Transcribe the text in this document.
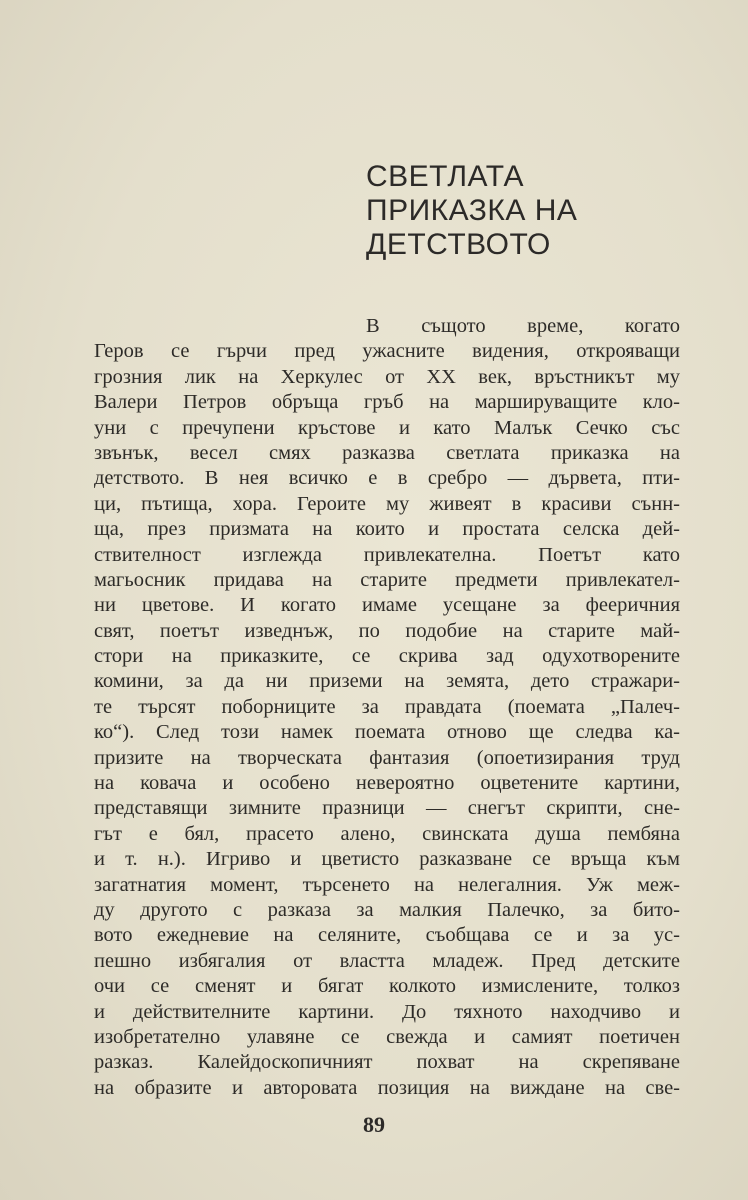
СВЕТЛАТА
ПРИКАЗКА НА
ДЕТСТВОТО
В същото време, когато
Геров се гърчи пред ужасните видения, открояващи
грозния лик на Херкулес от XX век, връстникът му
Валери Петров обръща гръб на маршируващите кло-
уни с пречупени кръстове и като Малък Сечко със
звънък, весел смях разказва светлата приказка на
детството. В нея всичко е в сребро — дървета, пти-
ци, пътища, хора. Героите му живеят в красиви сънн-
ща, през призмата на които и простата селска дей-
ствителност изглежда привлекателна. Поетът като
магьосник придава на старите предмети привлекател-
ни цветове. И когато имаме усещане за фееричния
свят, поетът изведнъж, по подобие на старите май-
стори на приказките, се скрива зад одухотворените
комини, за да ни приземи на земята, дето стражари-
те търсят поборниците за правдата (поемата „Палеч-
ко“). След този намек поемата отново ще следва ка-
призите на творческата фантазия (опоетизирания труд
на ковача и особено невероятно оцветените картини,
представящи зимните празници — снегът скрипти, сне-
гът е бял, прасето алено, свинската душа пембяна
и т. н.). Игриво и цветисто разказване се връща към
загатнатия момент, търсенето на нелегалния. Уж меж-
ду другото с разказа за малкия Палечко, за бито-
вото ежедневие на селяните, съобщава се и за ус-
пешно избягалия от властта младеж. Пред детските
очи се сменят и бягат колкото измислените, толкоз
и действителните картини. До тяхното находчиво и
изобретателно улавяне се свежда и самият поетичен
разказ. Калейдоскопичният похват на скрепяване
на образите и авторовата позиция на виждане на све-
89
